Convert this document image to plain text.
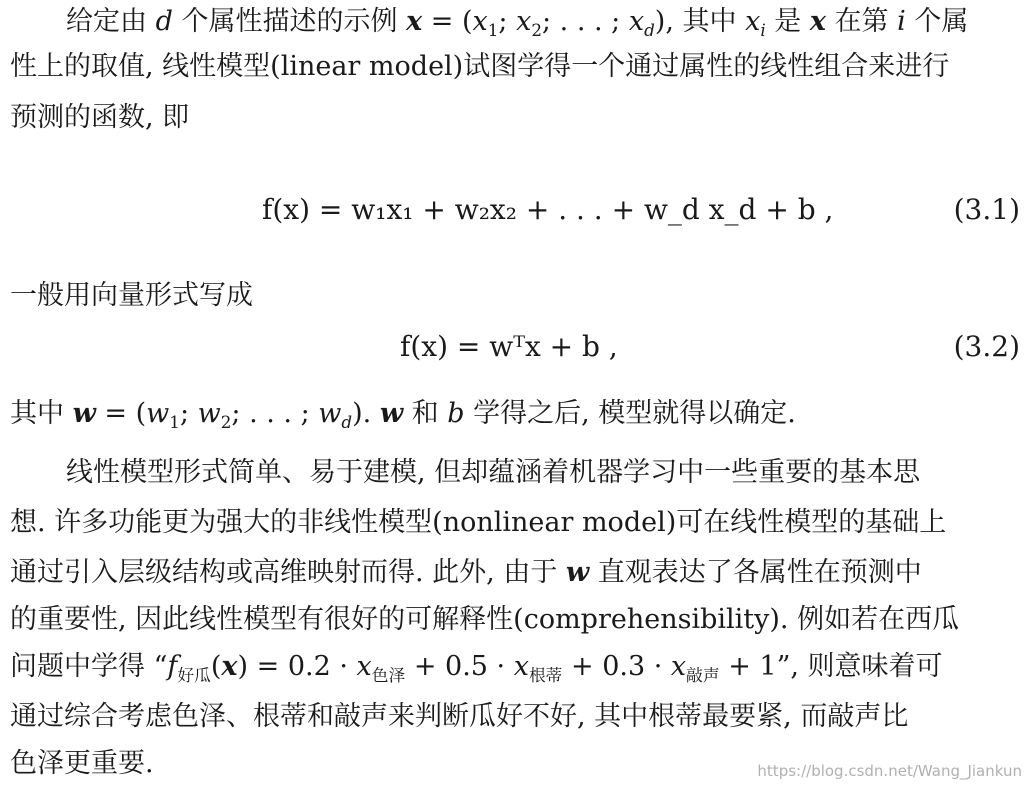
给定由 d 个属性描述的示例 $x = (x_1$; $x_2$; . . . ; $x_d$), 其中 $x_i$ 是 x 在第 i 个属
性上的取值, 线性模型(linear model)试图学得一个通过属性的线性组合来进行
预测的函数, 即
f(x) = w₁x₁ + w₂x₂ + . . . + w_d x_d + b ,	(3.1)
一般用向量形式写成
f(x) = wᵀx + b ,	(3.2)
其中 $w = (w_1$; $w_2$; . . . ; $w_d$). w 和 b 学得之后, 模型就得以确定.
线性模型形式简单、易于建模, 但却蕴涵着机器学习中一些重要的基本思
想. 许多功能更为强大的非线性模型(nonlinear model)可在线性模型的基础上
通过引入层级结构或高维映射而得. 此外, 由于 w 直观表达了各属性在预测中
的重要性, 因此线性模型有很好的可解释性(comprehensibility). 例如若在西瓜
问题中学得 “$f_{好瓜}(x) = 0.2 \cdot x_{色泽} + 0.5 \cdot x_{根蒂} + 0.3 \cdot x_{敲声} + 1$”, 则意味着可
通过综合考虑色泽、根蒂和敲声来判断瓜好不好, 其中根蒂最要紧, 而敲声比
色泽更重要.	https://blog.csdn.net/Wang_Jiankun
